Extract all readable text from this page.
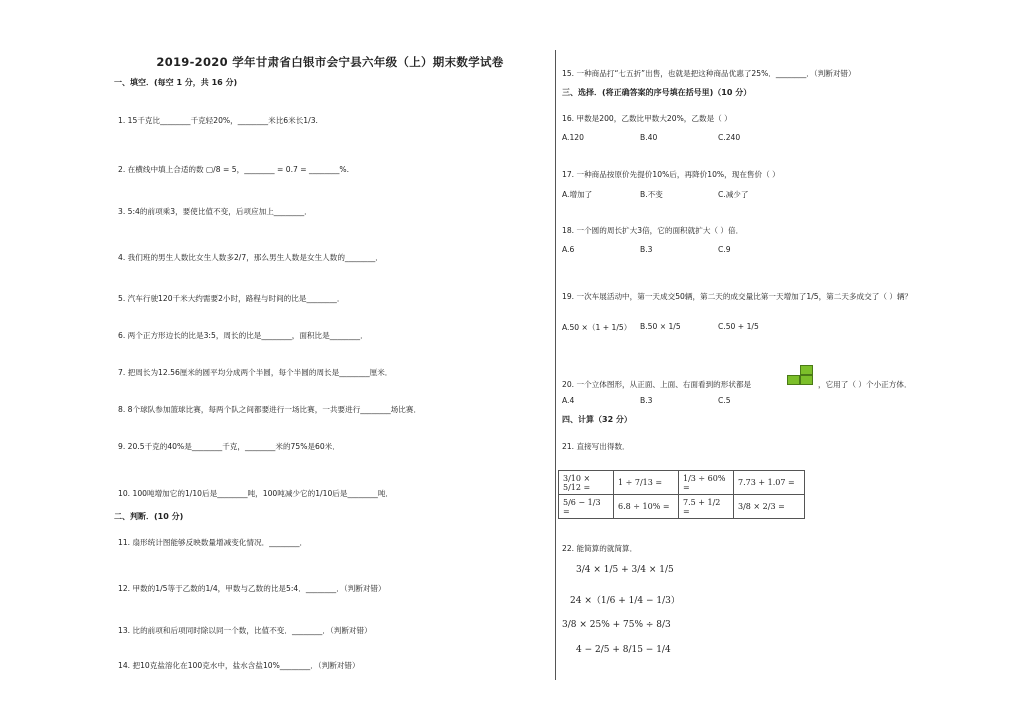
2019-2020 学年甘肃省白银市会宁县六年级（上）期末数学试卷
一、填空．(每空 1 分，共 16 分)
1. 15千克比________千克轻20%，________米比6米长1/3.
2. 在横线中填上合适的数 ▢/8 = 5，________ = 0.7 = ________%.
3. 5:4的前项乘3，要使比值不变，后项应加上________．
4. 我们班的男生人数比女生人数多2/7，那么男生人数是女生人数的________．
5. 汽车行驶120千米大约需要2小时，路程与时间的比是________．
6. 两个正方形边长的比是3:5，周长的比是________，面积比是________．
7. 把周长为12.56厘米的圆平均分成两个半圆，每个半圆的周长是________厘米．
8. 8个球队参加篮球比赛，每两个队之间都要进行一场比赛，一共要进行________场比赛．
9. 20.5千克的40%是________千克，________米的75%是60米．
10. 100吨增加它的1/10后是________吨，100吨减少它的1/10后是________吨．
二、判断．(10 分)
11. 扇形统计图能够反映数量增减变化情况．________．
12. 甲数的1/5等于乙数的1/4，甲数与乙数的比是5:4．________．（判断对错）
13. 比的前项和后项同时除以同一个数，比值不变．________．（判断对错）
14. 把10克盐溶化在100克水中，盐水含盐10%________．（判断对错）
15. 一种商品打“七五折”出售，也就是把这种商品优惠了25%．________．（判断对错）
三、选择．(将正确答案的序号填在括号里)（10 分）
16. 甲数是200，乙数比甲数大20%，乙数是（ ）
A.120	B.40	C.240
17. 一种商品按原价先提价10%后，再降价10%，现在售价（ ）
A.增加了	B.不变	C.减少了
18. 一个圆的周长扩大3倍，它的面积就扩大（ ）倍．
A.6	B.3	C.9
19. 一次车展活动中，第一天成交50辆，第二天的成交量比第一天增加了1/5，第二天多成交了（ ）辆？
A.50 ×（1 + 1/5） B.50 × 1/5	C.50 + 1/5
20. 一个立体图形，从正面、上面、右面看到的形状都是	，它用了（ ）个小正方体．
A.4	B.3	C.5
四、计算（32 分）
21. 直接写出得数．
3/10 × 5/12 =	1 ÷ 7/13 =	1/3 ÷ 60% =	7.73 + 1.07 =
5/6 − 1/3 =	6.8 ÷ 10% =	7.5 + 1/2 =	3/8 × 2/3 =
22. 能简算的就简算．
3/4 × 1/5 + 3/4 × 1/5
24 ×（1/6 + 1/4 − 1/3）
3/8 × 25% + 75% ÷ 8/3
4 − 2/5 + 8/15 − 1/4
